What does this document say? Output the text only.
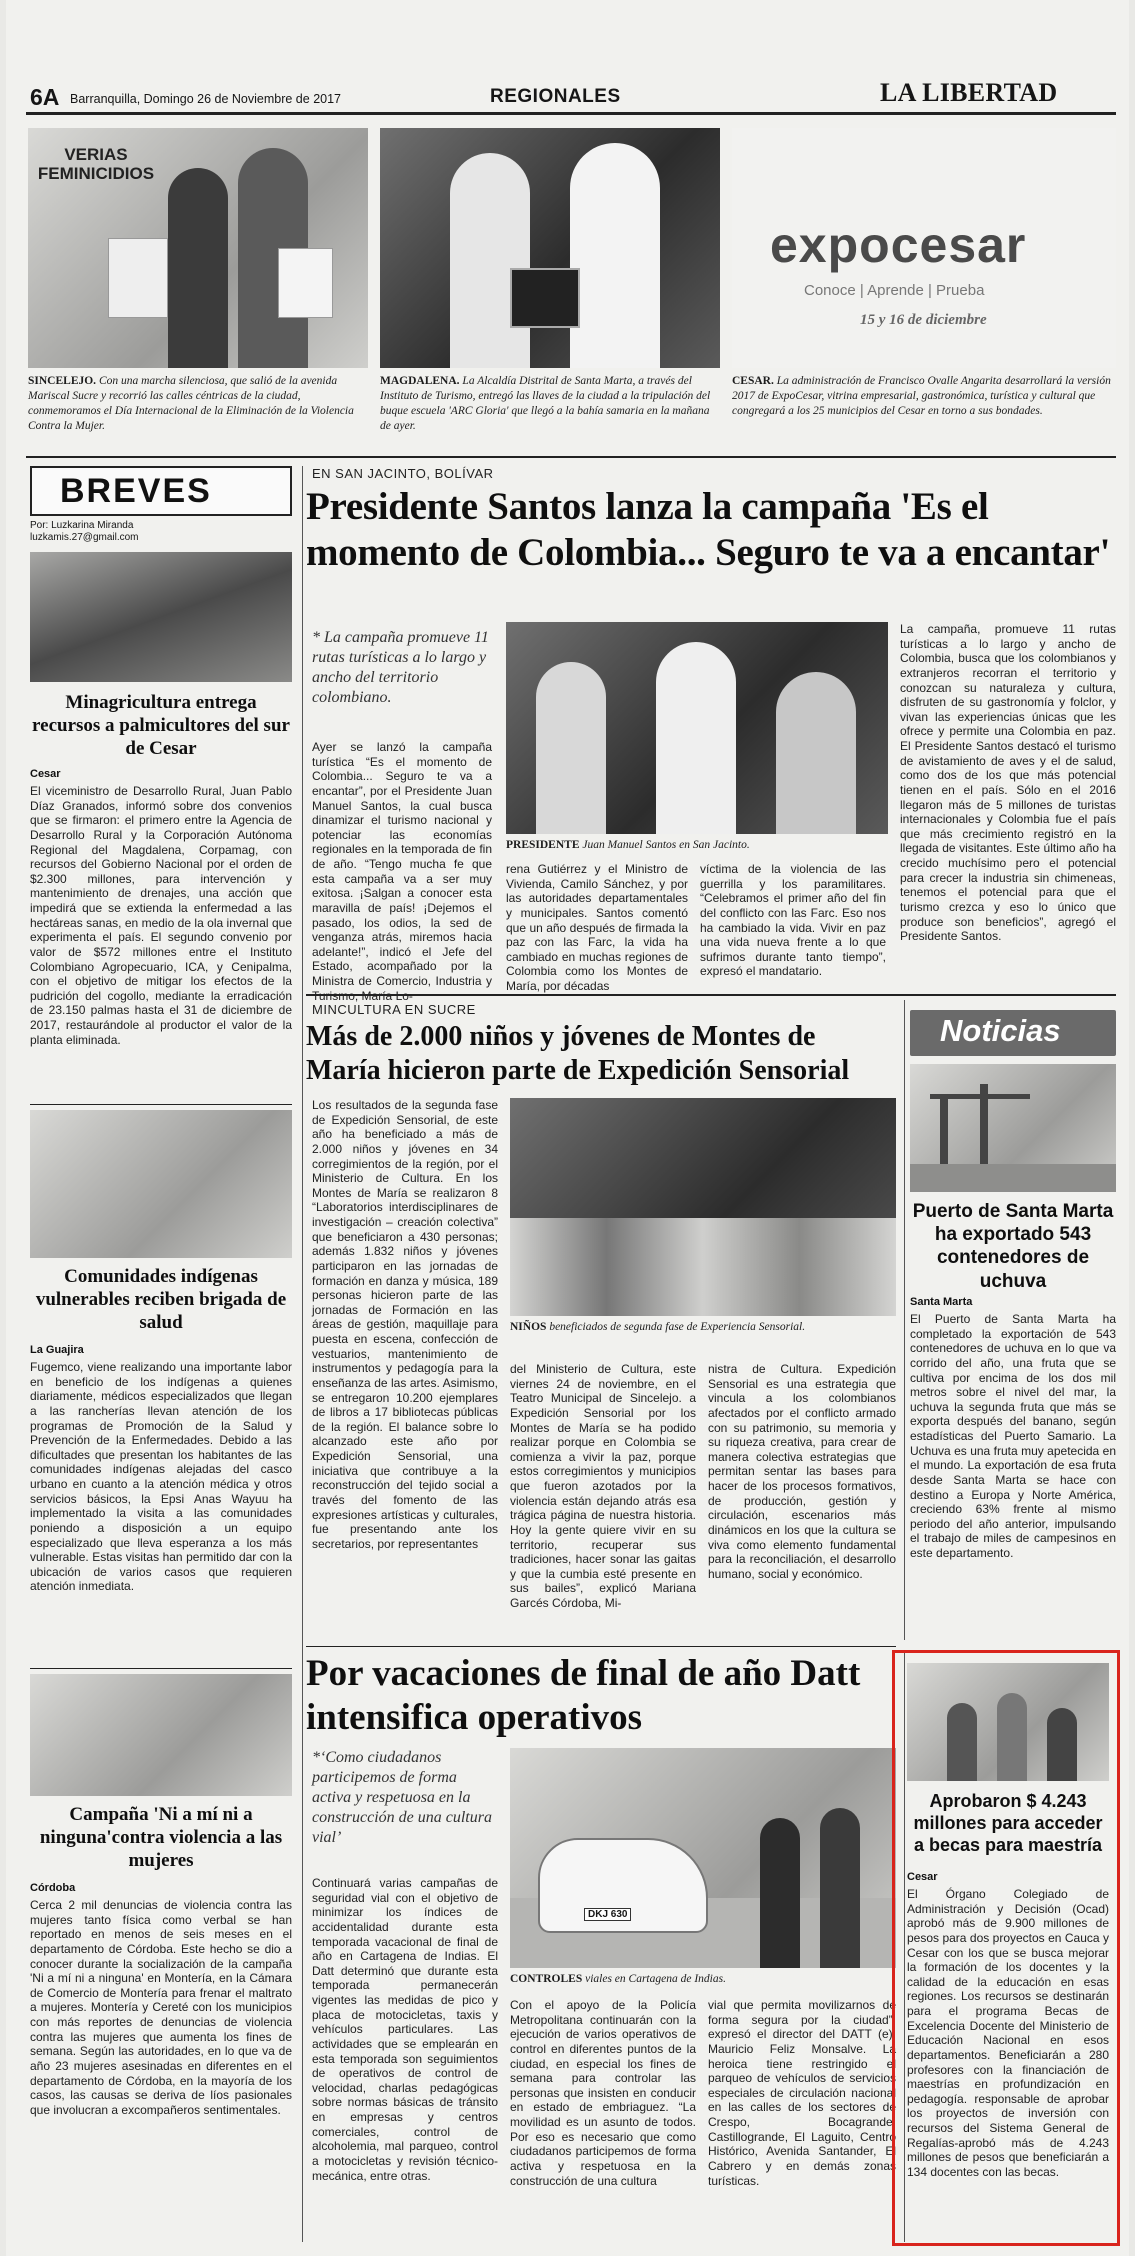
6A Barranquilla, Domingo 26 de Noviembre de 2017	REGIONALES	LA LIBERTAD
VERIAS FEMINICIDIOS
expocesar
Conoce | Aprende | Prueba
15 y 16 de diciembre
SINCELEJO. Con una marcha silenciosa, que salió de la avenida Mariscal Sucre y recorrió las calles céntricas de la ciudad, conmemoramos el Día Internacional de la Eliminación de la Violencia Contra la Mujer.
MAGDALENA. La Alcaldía Distrital de Santa Marta, a través del Instituto de Turismo, entregó las llaves de la ciudad a la tripulación del buque escuela 'ARC Gloria' que llegó a la bahía samaria en la mañana de ayer.
CESAR. La administración de Francisco Ovalle Angarita desarrollará la versión 2017 de ExpoCesar, vitrina empresarial, gastronómica, turística y cultural que congregará a los 25 municipios del Cesar en torno a sus bondades.
BREVES
Por: Luzkarina Miranda
luzkamis.27@gmail.com
Minagricultura entrega recursos a palmicultores del sur de Cesar
Cesar
El viceministro de Desarrollo Rural, Juan Pablo Díaz Granados, informó sobre dos convenios que se firmaron: el primero entre la Agencia de Desarrollo Rural y la Corporación Autónoma Regional del Magdalena, Corpamag, con recursos del Gobierno Nacional por el orden de $2.300 millones, para intervención y mantenimiento de drenajes, una acción que impedirá que se extienda la enfermedad a las hectáreas sanas, en medio de la ola invernal que experimenta el país. El segundo convenio por valor de $572 millones entre el Instituto Colombiano Agropecuario, ICA, y Cenipalma, con el objetivo de mitigar los efectos de la pudrición del cogollo, mediante la erradicación de 23.150 palmas hasta el 31 de diciembre de 2017, restaurándole al productor el valor de la planta eliminada.
Comunidades indígenas vulnerables reciben brigada de salud
La Guajira
Fugemco, viene realizando una importante labor en beneficio de los indígenas a quienes diariamente, médicos especializados que llegan a las rancherías llevan atención de los programas de Promoción de la Salud y Prevención de la Enfermedades. Debido a las dificultades que presentan los habitantes de las comunidades indígenas alejadas del casco urbano en cuanto a la atención médica y otros servicios básicos, la Epsi Anas Wayuu ha implementado la visita a las comunidades poniendo a disposición a un equipo especializado que lleva esperanza a los más vulnerable. Estas visitas han permitido dar con la ubicación de varios casos que requieren atención inmediata.
Campaña 'Ni a mí ni a ninguna'contra violencia a las mujeres
Córdoba
Cerca 2 mil denuncias de violencia contra las mujeres tanto física como verbal se han reportado en menos de seis meses en el departamento de Córdoba. Este hecho se dio a conocer durante la socialización de la campaña 'Ni a mí ni a ninguna' en Montería, en la Cámara de Comercio de Montería para frenar el maltrato a mujeres. Montería y Cereté con los municipios con más reportes de denuncias de violencia contra las mujeres que aumenta los fines de semana. Según las autoridades, en lo que va de año 23 mujeres asesinadas en diferentes en el departamento de Córdoba, en la mayoría de los casos, las causas se deriva de líos pasionales que involucran a excompañeros sentimentales.
EN SAN JACINTO, BOLÍVAR
Presidente Santos lanza la campaña 'Es el momento de Colombia... Seguro te va a encantar'
* La campaña promueve 11 rutas turísticas a lo largo y ancho del territorio colombiano.
PRESIDENTE Juan Manuel Santos en San Jacinto.
Ayer se lanzó la campaña turística “Es el momento de Colombia... Seguro te va a encantar”, por el Presidente Juan Manuel Santos, la cual busca dinamizar el turismo nacional y potenciar las economías regionales en la temporada de fin de año. “Tengo mucha fe que esta campaña va a ser muy exitosa. ¡Salgan a conocer esta maravilla de país! ¡Dejemos el pasado, los odios, la sed de venganza atrás, miremos hacia adelante!”, indicó el Jefe del Estado, acompañado por la Ministra de Comercio, Industria y
rena Gutiérrez y el Ministro de Vivienda, Camilo Sánchez, y por las autoridades departamentales y municipales. Santos comentó que un año después de firmada la paz con las Farc, la vida ha cambiado en muchas regiones de Colombia como los Montes de María, por décadas
víctima de la violencia de las guerrilla y los paramilitares. “Celebramos el primer año del fin del conflicto con las Farc. Eso nos ha cambiado la vida. Vivir en paz una vida nueva frente a lo que sufrimos durante tanto tiempo”, expresó el mandatario.
La campaña, promueve 11 rutas turísticas a lo largo y ancho de Colombia, busca que los colombianos y extranjeros recorran el territorio y conozcan su naturaleza y cultura, disfruten de su gastronomía y folclor, y vivan las experiencias únicas que les ofrece y permite una Colombia en paz. El Presidente Santos destacó el turismo de avistamiento de aves y el de salud, como dos de los que más potencial tienen en el país. Sólo en el 2016 llegaron más de 5 millones de turistas internacionales y Colombia fue el país que más crecimiento registró en la llegada de visitantes. Este último año ha crecido muchísimo pero el potencial para crecer la industria sin chimeneas, tenemos el potencial para que el turismo crezca y eso lo único que produce son beneficios”, agregó el Presidente Santos.
MINCULTURA EN SUCRE
Más de 2.000 niños y jóvenes de Montes de María hicieron parte de Expedición Sensorial
Los resultados de la segunda fase de Expedición Sensorial, de este año ha beneficiado a más de 2.000 niños y jóvenes en 34 corregimientos de la región, por el Ministerio de Cultura. En los Montes de María se realizaron 8 “Laboratorios interdisciplinares de investigación – creación colectiva” que beneficiaron a 430 personas; además 1.832 niños y jóvenes participaron en las jornadas de formación en danza y música, 189 personas hicieron parte de las jornadas de Formación en las áreas de gestión, maquillaje para puesta en escena, confección de vestuarios, mantenimiento de instrumentos y pedagogía para la enseñanza de las artes. Asimismo, se entregaron 10.200 ejemplares de libros a 17 bibliotecas públicas de la región. El balance sobre lo alcanzado este año por Expedición Sensorial, una iniciativa que contribuye a la reconstrucción del tejido social a través del fomento de las expresiones artísticas y culturales, fue presentando ante los secretarios, por representantes
NIÑOS beneficiados de segunda fase de Experiencia Sensorial.
del Ministerio de Cultura, este viernes 24 de noviembre, en el Teatro Municipal de Sincelejo. a Expedición Sensorial por los Montes de María se ha podido realizar porque en Colombia se comienza a vivir la paz, porque estos corregimientos y municipios que fueron azotados por la violencia están dejando atrás esa trágica página de nuestra historia. Hoy la gente quiere vivir en su territorio, recuperar sus tradiciones, hacer sonar las gaitas y que la cumbia esté presente en sus bailes”, explicó Mariana Garcés Córdoba, Mi-
nistra de Cultura. Expedición Sensorial es una estrategia que vincula a los colombianos afectados por el conflicto armado con su patrimonio, su memoria y su riqueza creativa, para crear de manera colectiva estrategias que permitan sentar las bases para hacer de los procesos formativos, de producción, gestión y circulación, escenarios más dinámicos en los que la cultura se viva como elemento fundamental para la reconciliación, el desarrollo humano, social y económico.
Noticias
Puerto de Santa Marta ha exportado 543 contenedores de uchuva
Santa Marta
El Puerto de Santa Marta ha completado la exportación de 543 contenedores de uchuva en lo que va corrido del año, una fruta que se cultiva por encima de los dos mil metros sobre el nivel del mar, la uchuva la segunda fruta que más se exporta después del banano, según estadísticas del Puerto Samario. La Uchuva es una fruta muy apetecida en el mundo. La exportación de esa fruta desde Santa Marta se hace con destino a Europa y Norte América, creciendo 63% frente al mismo periodo del año anterior, impulsando el trabajo de miles de campesinos en este departamento.
Por vacaciones de final de año Datt intensifica operativos
*‘Como ciudadanos participemos de forma activa y respetuosa en la construcción de una cultura vial’
DKJ 630
CONTROLES viales en Cartagena de Indias.
Continuará varias campañas de seguridad vial con el objetivo de minimizar los índices de accidentalidad durante esta temporada vacacional de final de año en Cartagena de Indias. El Datt determinó que durante esta temporada permanecerán vigentes las medidas de pico y placa de motocicletas, taxis y vehículos particulares. Las actividades que se emplearán en esta temporada son seguimientos de operativos de control de velocidad, charlas pedagógicas sobre normas básicas de tránsito en empresas y centros comerciales, control de alcoholemia, mal parqueo, control a motocicletas y revisión técnico-mecánica, entre otras.
Con el apoyo de la Policía Metropolitana continuarán con la ejecución de varios operativos de control en diferentes puntos de la ciudad, en especial los fines de semana para controlar las personas que insisten en conducir en estado de embriaguez. “La movilidad es un asunto de todos. Por eso es necesario que como ciudadanos participemos de forma activa y respetuosa en la construcción de una cultura
vial que permita movilizarnos de forma segura por la ciudad”, expresó el director del DATT (e), Mauricio Feliz Monsalve. La heroica tiene restringido el parqueo de vehículos de servicios especiales de circulación nacional en las calles de los sectores de Crespo, Bocagrande, Castillogrande, El Laguito, Centro Histórico, Avenida Santander, El Cabrero y en demás zonas turísticas.
Aprobaron $ 4.243 millones para acceder a becas para maestría
Cesar
El Órgano Colegiado de Administración y Decisión (Ocad) aprobó más de 9.900 millones de pesos para dos proyectos en Cauca y Cesar con los que se busca mejorar la formación de los docentes y la calidad de la educación en esas regiones. Los recursos se destinarán para el programa Becas de Excelencia Docente del Ministerio de Educación Nacional en esos departamentos. Beneficiarán a 280 profesores con la financiación de maestrías en profundización en pedagogía. responsable de aprobar los proyectos de inversión con recursos del Sistema General de Regalías-aprobó más de 4.243 millones de pesos que beneficiarán a 134 docentes con las becas.
